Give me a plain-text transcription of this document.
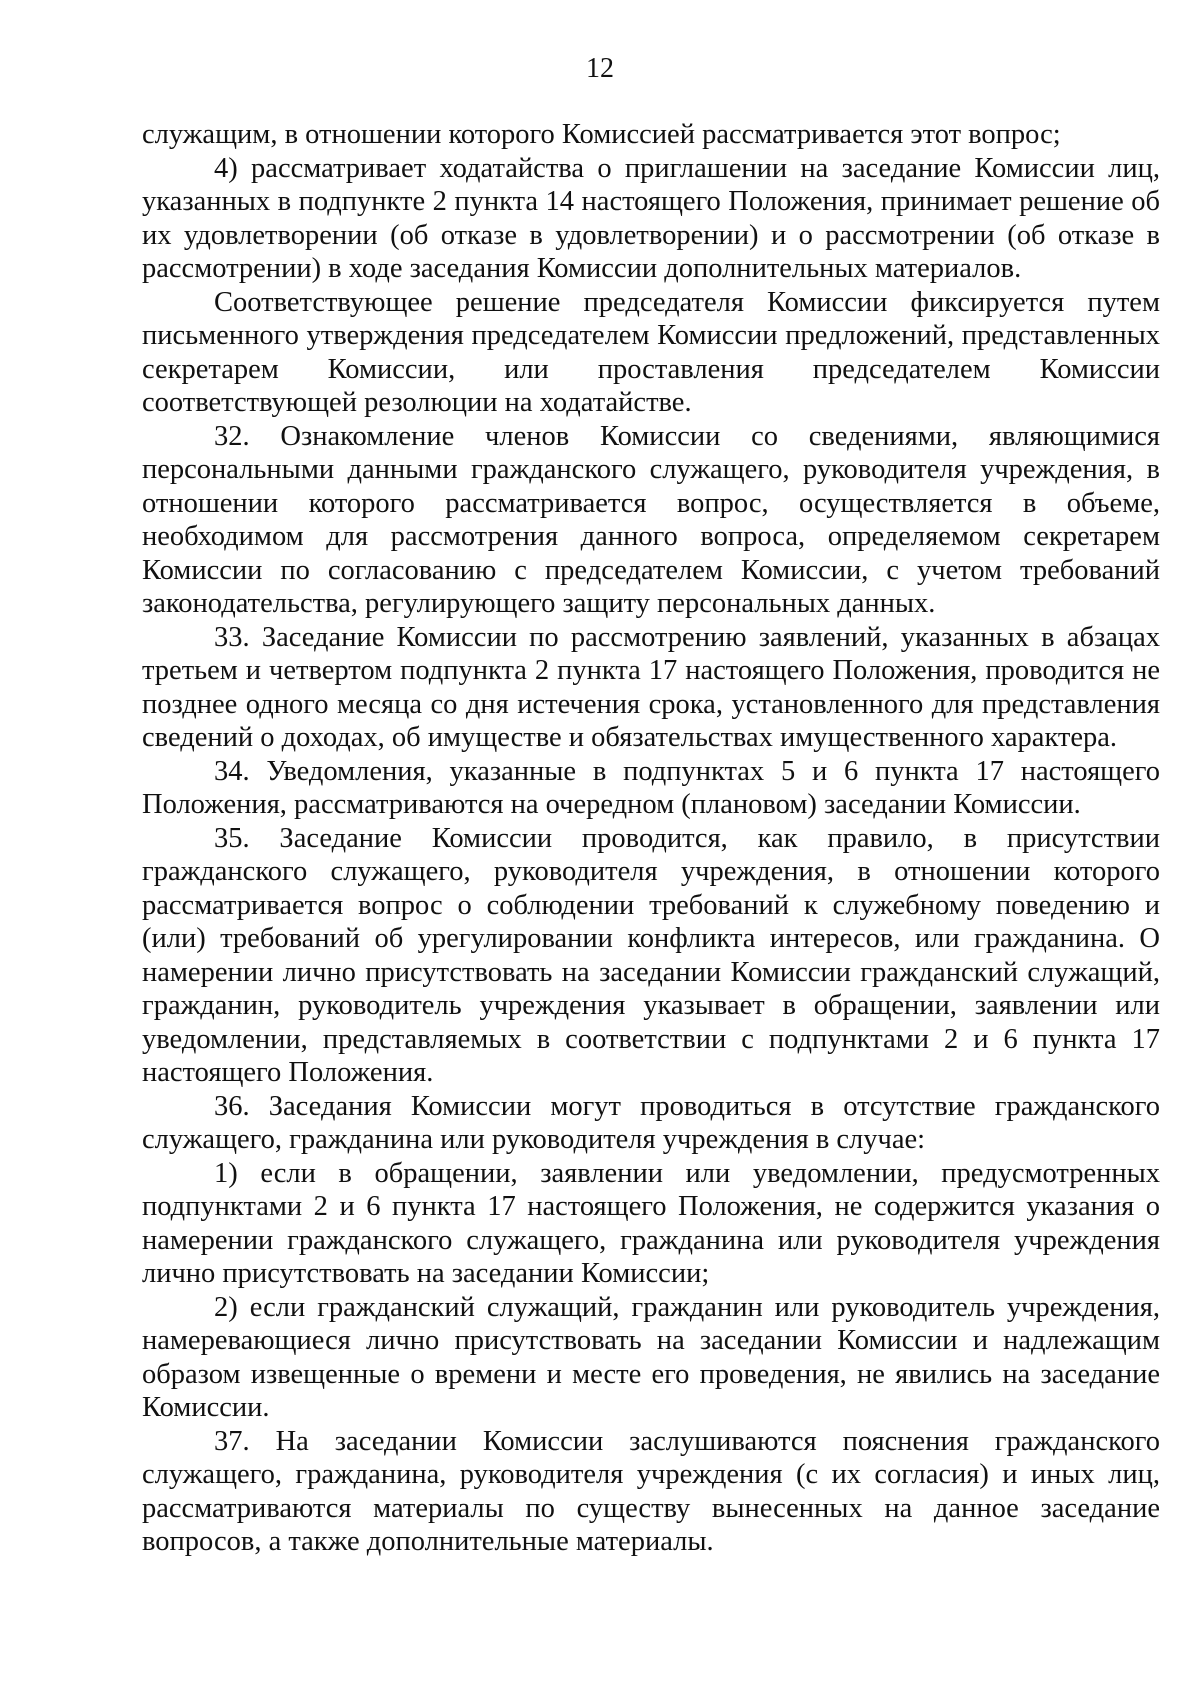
12

служащим, в отношении которого Комиссией рассматривается этот вопрос;

4) рассматривает ходатайства о приглашении на заседание Комиссии лиц, указанных в подпункте 2 пункта 14 настоящего Положения, принимает решение об их удовлетворении (об отказе в удовлетворении) и о рассмотрении (об отказе в рассмотрении) в ходе заседания Комиссии дополнительных материалов.

Соответствующее решение председателя Комиссии фиксируется путем письменного утверждения председателем Комиссии предложений, представленных секретарем Комиссии, или проставления председателем Комиссии соответствующей резолюции на ходатайстве.

32. Ознакомление членов Комиссии со сведениями, являющимися персональными данными гражданского служащего, руководителя учреждения, в отношении которого рассматривается вопрос, осуществляется в объеме, необходимом для рассмотрения данного вопроса, определяемом секретарем Комиссии по согласованию с председателем Комиссии, с учетом требований законодательства, регулирующего защиту персональных данных.

33. Заседание Комиссии по рассмотрению заявлений, указанных в абзацах третьем и четвертом подпункта 2 пункта 17 настоящего Положения, проводится не позднее одного месяца со дня истечения срока, установленного для представления сведений о доходах, об имуществе и обязательствах имущественного характера.

34. Уведомления, указанные в подпунктах 5 и 6 пункта 17 настоящего Положения, рассматриваются на очередном (плановом) заседании Комиссии.

35. Заседание Комиссии проводится, как правило, в присутствии гражданского служащего, руководителя учреждения, в отношении которого рассматривается вопрос о соблюдении требований к служебному поведению и (или) требований об урегулировании конфликта интересов, или гражданина. О намерении лично присутствовать на заседании Комиссии гражданский служащий, гражданин, руководитель учреждения указывает в обращении, заявлении или уведомлении, представляемых в соответствии с подпунктами 2 и 6 пункта 17 настоящего Положения.

36. Заседания Комиссии могут проводиться в отсутствие гражданского служащего, гражданина или руководителя учреждения в случае:

1) если в обращении, заявлении или уведомлении, предусмотренных подпунктами 2 и 6 пункта 17 настоящего Положения, не содержится указания о намерении гражданского служащего, гражданина или руководителя учреждения лично присутствовать на заседании Комиссии;

2) если гражданский служащий, гражданин или руководитель учреждения, намеревающиеся лично присутствовать на заседании Комиссии и надлежащим образом извещенные о времени и месте его проведения, не явились на заседание Комиссии.

37. На заседании Комиссии заслушиваются пояснения гражданского служащего, гражданина, руководителя учреждения (с их согласия) и иных лиц, рассматриваются материалы по существу вынесенных на данное заседание вопросов, а также дополнительные материалы.
